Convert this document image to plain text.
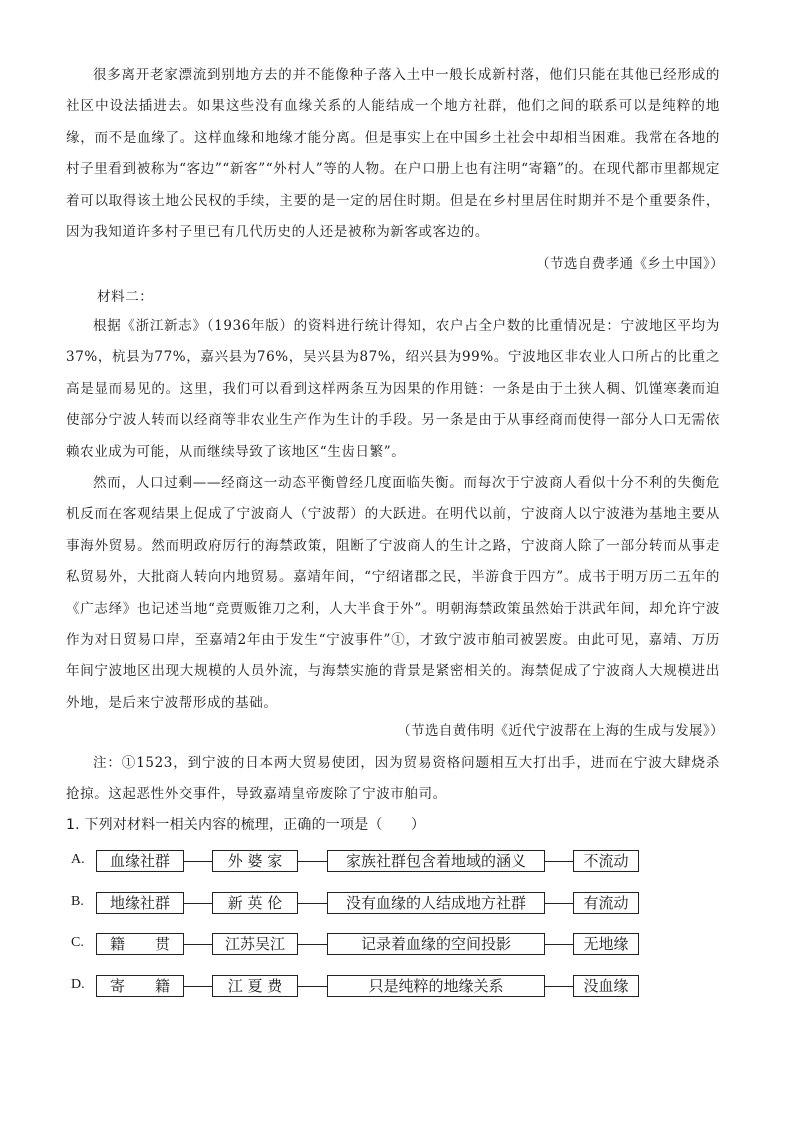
很多离开老家漂流到别地方去的并不能像种子落入土中一般长成新村落，他们只能在其他已经形成的社区中设法插进去。如果这些没有血缘关系的人能结成一个地方社群，他们之间的联系可以是纯粹的地缘，而不是血缘了。这样血缘和地缘才能分离。但是事实上在中国乡土社会中却相当困难。我常在各地的村子里看到被称为“客边”“新客”“外村人”等的人物。在户口册上也有注明“寄籍”的。在现代都市里都规定着可以取得该土地公民权的手续，主要的是一定的居住时期。但是在乡村里居住时期并不是个重要条件，因为我知道许多村子里已有几代历史的人还是被称为新客或客边的。

（节选自费孝通《乡土中国》）
材料二：

根据《浙江新志》（1936年版）的资料进行统计得知，农户占全户数的比重情况是：宁波地区平均为37%，杭县为77%，嘉兴县为76%，吴兴县为87%，绍兴县为99%。宁波地区非农业人口所占的比重之高是显而易见的。这里，我们可以看到这样两条互为因果的作用链：一条是由于土狭人稠、饥馑寒袭而迫使部分宁波人转而以经商等非农业生产作为生计的手段。另一条是由于从事经商而使得一部分人口无需依赖农业成为可能，从而继续导致了该地区“生齿日繁”。

然而，人口过剩——经商这一动态平衡曾经几度面临失衡。而每次于宁波商人看似十分不利的失衡危机反而在客观结果上促成了宁波商人（宁波帮）的大跃进。在明代以前，宁波商人以宁波港为基地主要从事海外贸易。然而明政府厉行的海禁政策，阻断了宁波商人的生计之路，宁波商人除了一部分转而从事走私贸易外，大批商人转向内地贸易。嘉靖年间，“宁绍诸郡之民，半游食于四方”。成书于明万历二五年的《广志绎》也记述当地“竞贾贩锥刀之利，人大半食于外”。明朝海禁政策虽然始于洪武年间，却允许宁波作为对日贸易口岸，至嘉靖2年由于发生“宁波事件”①，才致宁波市舶司被罢废。由此可见，嘉靖、万历年间宁波地区出现大规模的人员外流，与海禁实施的背景是紧密相关的。海禁促成了宁波商人大规模进出外地，是后来宁波帮形成的基础。

（节选自黄伟明《近代宁波帮在上海的生成与发展》）

注：①1523，到宁波的日本两大贸易使团，因为贸易资格问题相互大打出手，进而在宁波大肆烧杀抢掠。这起恶性外交事件，导致嘉靖皇帝废除了宁波市舶司。

1. 下列对材料一相关内容的梳理，正确的一项是（　　）
A.	血缘社群	外 婆 家	家族社群包含着地域的涵义	不流动
B.	地缘社群	新 英 伦	没有血缘的人结成地方社群	有流动
C.	籍　　贯	江苏吴江	记录着血缘的空间投影	无地缘
D.	寄　　籍	江 夏 费	只是纯粹的地缘关系	没血缘
